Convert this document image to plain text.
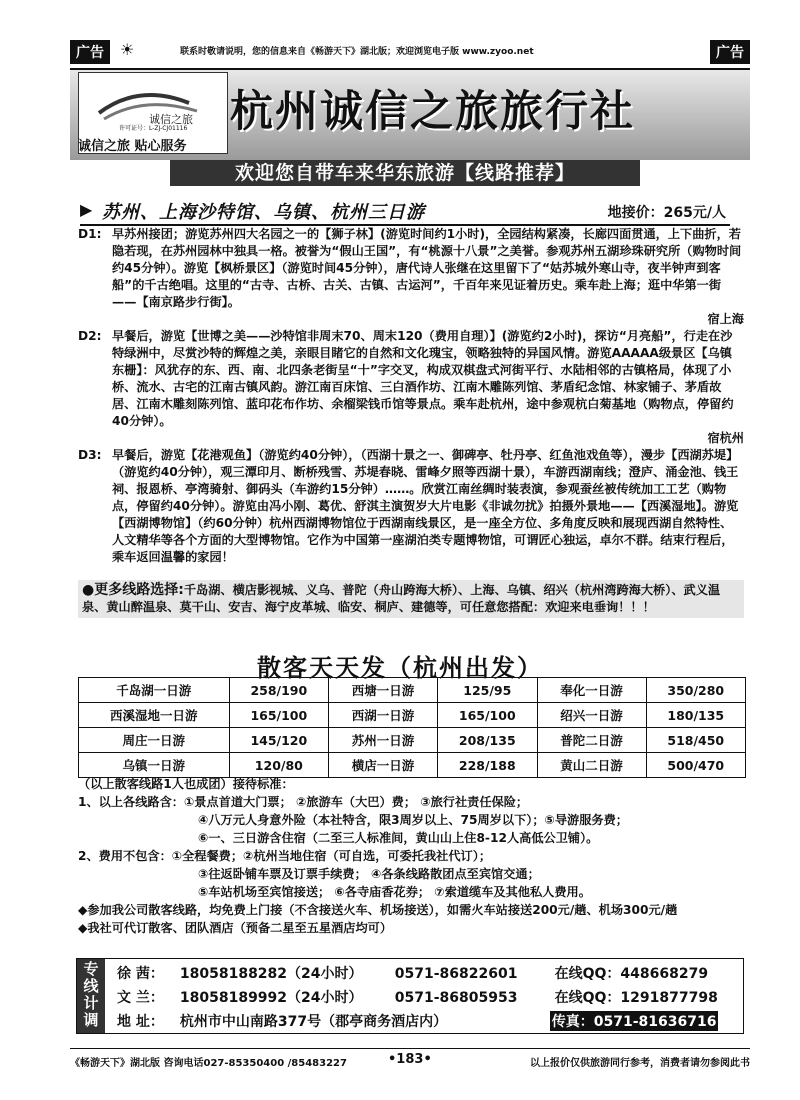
广告	☀	联系时敬请说明，您的信息来自《畅游天下》湖北版；欢迎浏览电子版 www.zyoo.net	广告
诚信之旅
许可证号：L-ZJ-CJ01116
诚信之旅 贴心服务
杭州诚信之旅旅行社
欢迎您自带车来华东旅游【线路推荐】
▶ 苏州、上海沙特馆、乌镇、杭州三日游	地接价：265元/人
D1: 早苏州接团；游览苏州四大名园之一的【狮子林】(游览时间约1小时)，全园结构紧凑，长廊四面贯通，上下曲折，若隐若现，在苏州园林中独具一格。被誉为“假山王国”，有“桃源十八景”之美誉。参观苏州五湖珍珠研究所（购物时间约45分钟）。游览【枫桥景区】（游览时间45分钟），唐代诗人张继在这里留下了“姑苏城外寒山寺，夜半钟声到客船”的千古绝唱。这里的“古寺、古桥、古关、古镇、古运河”，千百年来见证着历史。乘车赴上海；逛中华第一街——【南京路步行街】。
宿上海
D2: 早餐后，游览【世博之美——沙特馆非周末70、周末120（费用自理）】(游览约2小时)，探访“月亮船”，行走在沙特绿洲中，尽赏沙特的辉煌之美，亲眼目睹它的自然和文化瑰宝，领略独特的异国风情。游览AAAAA级景区【乌镇东栅】：风犹存的东、西、南、北四条老街呈“十”字交叉，构成双棋盘式河街平行、水陆相邻的古镇格局，体现了小桥、流水、古宅的江南古镇风韵。游江南百床馆、三白酒作坊、江南木雕陈列馆、茅盾纪念馆、林家铺子、茅盾故居、江南木雕刻陈列馆、蓝印花布作坊、余榴梁钱币馆等景点。乘车赴杭州，途中参观杭白菊基地（购物点，停留约40分钟）。
宿杭州
D3: 早餐后，游览【花港观鱼】（游览约40分钟），（西湖十景之一、御碑亭、牡丹亭、红鱼池戏鱼等），漫步【西湖苏堤】（游览约40分钟），观三潭印月、断桥残雪、苏堤春晓、雷峰夕照等西湖十景），车游西湖南线；澄庐、涌金池、钱王祠、报恩桥、亭湾骑射、御码头（车游约15分钟）……。欣赏江南丝绸时装表演，参观蚕丝被传统加工工艺（购物点，停留约40分钟）。游览由冯小刚、葛优、舒淇主演贺岁大片电影《非诚勿扰》拍摄外景地——【西溪湿地】。游览【西湖博物馆】（约60分钟）杭州西湖博物馆位于西湖南线景区，是一座全方位、多角度反映和展现西湖自然特性、人文精华等各个方面的大型博物馆。它作为中国第一座湖泊类专题博物馆，可谓匠心独运，卓尔不群。结束行程后，乘车返回温馨的家园！
●更多线路选择:千岛湖、横店影视城、义乌、普陀（舟山跨海大桥）、上海、乌镇、绍兴（杭州湾跨海大桥）、武义温泉、黄山醉温泉、莫干山、安吉、海宁皮革城、临安、桐庐、建德等，可任意您搭配：欢迎来电垂询！！！
散客天天发（杭州出发）
千岛湖一日游	258/190	西塘一日游	125/95	奉化一日游	350/280
西溪湿地一日游	165/100	西湖一日游	165/100	绍兴一日游	180/135
周庄一日游	145/120	苏州一日游	208/135	普陀二日游	518/450
乌镇一日游	120/80	横店一日游	228/188	黄山二日游	500/470
（以上散客线路1人也成团）接待标准：
1、以上各线路含：①景点首道大门票； ②旅游车（大巴）费； ③旅行社责任保险；
④八万元人身意外险（本社特含，限3周岁以上、75周岁以下）；⑤导游服务费；
⑥一、三日游含住宿（二至三人标准间，黄山山上住8-12人高低公卫铺）。
2、费用不包含：①全程餐费；②杭州当地住宿（可自选，可委托我社代订）；
③往返卧铺车票及订票手续费； ④各条线路散团点至宾馆交通；
⑤车站机场至宾馆接送； ⑥各寺庙香花券； ⑦索道缆车及其他私人费用。
◆参加我公司散客线路，均免费上门接（不含接送火车、机场接送），如需火车站接送200元/趟、机场300元/趟
◆我社可代订散客、团队酒店（预备二星至五星酒店均可）
专线计调
徐 茜： 18058188282（24小时） 0571-86822601	在线QQ：448668279
文 兰： 18058189992（24小时） 0571-86805953	在线QQ：1291877798
地 址： 杭州市中山南路377号（郡亭商务酒店内）	传真：0571-81636716
《畅游天下》湖北版 咨询电话027-85350400 /85483227	•183•	以上报价仅供旅游同行参考，消费者请勿参阅此书
